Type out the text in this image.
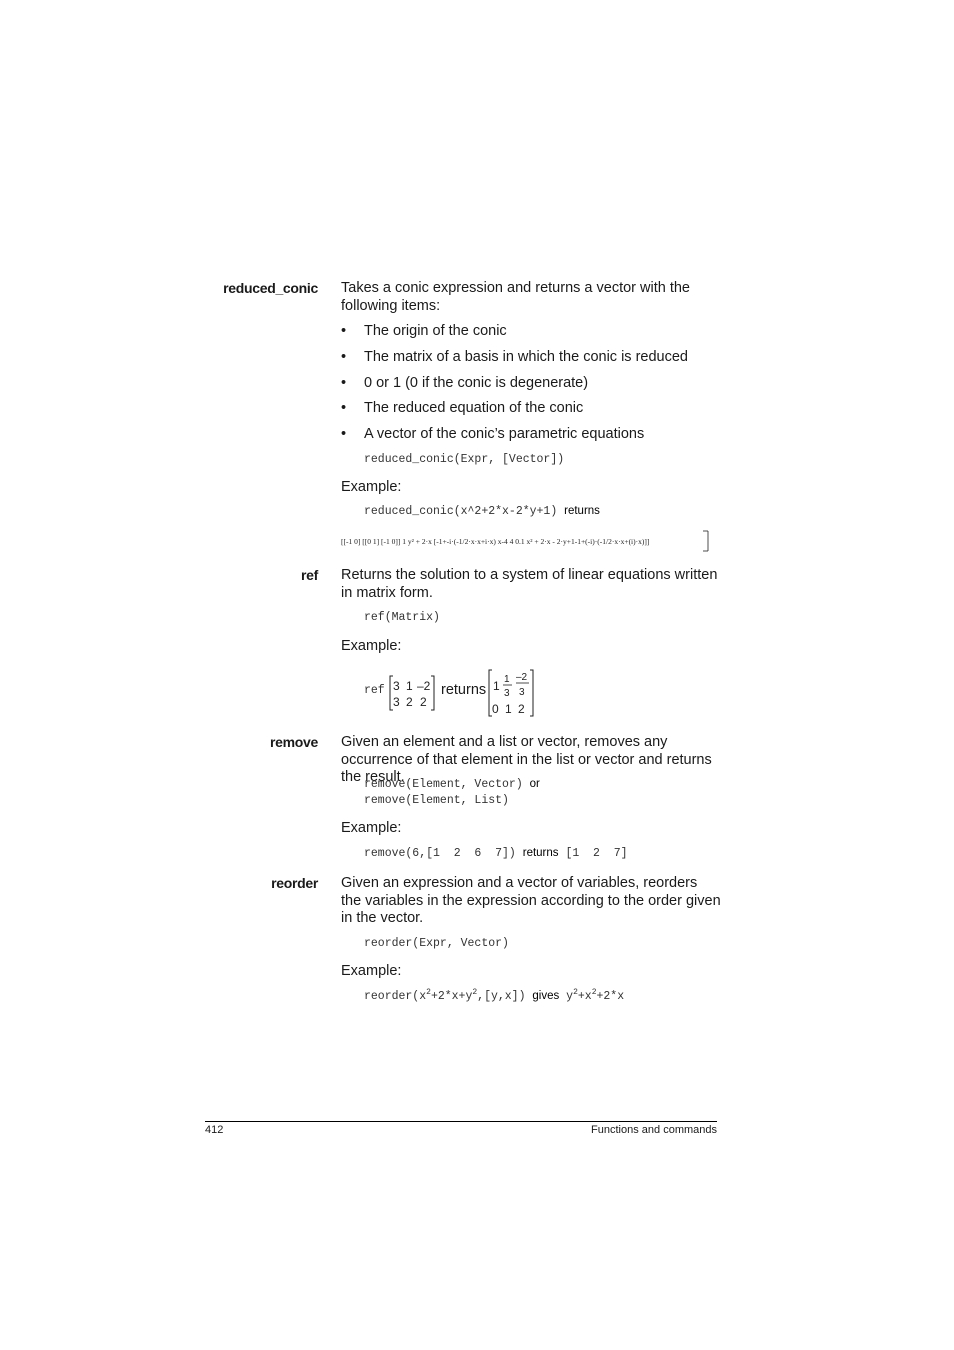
reduced_conic Takes a conic expression and returns a vector with the following items:
• The origin of the conic
• The matrix of a basis in which the conic is reduced
• 0 or 1 (0 if the conic is degenerate)
• The reduced equation of the conic
• A vector of the conic’s parametric equations
reduced_conic(Expr, [Vector])
Example:
reduced_conic(x^2+2*x-2*y+1) returns
[[-1 0] [[0 1] [-1 0]] 1 y² + 2·x [-1+-i·(-1/2·x·x+i·x) x-4 4 0.1 x² + 2·x - 2·y+1-1+(-i)·(-1/2·x·x+(i)·x)]]
ref Returns the solution to a system of linear equations written in matrix form.
ref(Matrix)
Example:
ref 3 1 –2
3 2 2
returns 1 1
3
–2
3
0 1 2
remove Given an element and a list or vector, removes any occurrence of that element in the list or vector and returns the result.
remove(Element, Vector) or
remove(Element, List)
Example:
remove(6,[1  2  6  7]) returns [1  2  7]
reorder Given an expression and a vector of variables, reorders the variables in the expression according to the order given in the vector.
reorder(Expr, Vector)
Example:
$reorder(x^2+2*x+y^2,[y,x])$ gives $y^2+x^2+2*x$
412	Functions and commands
